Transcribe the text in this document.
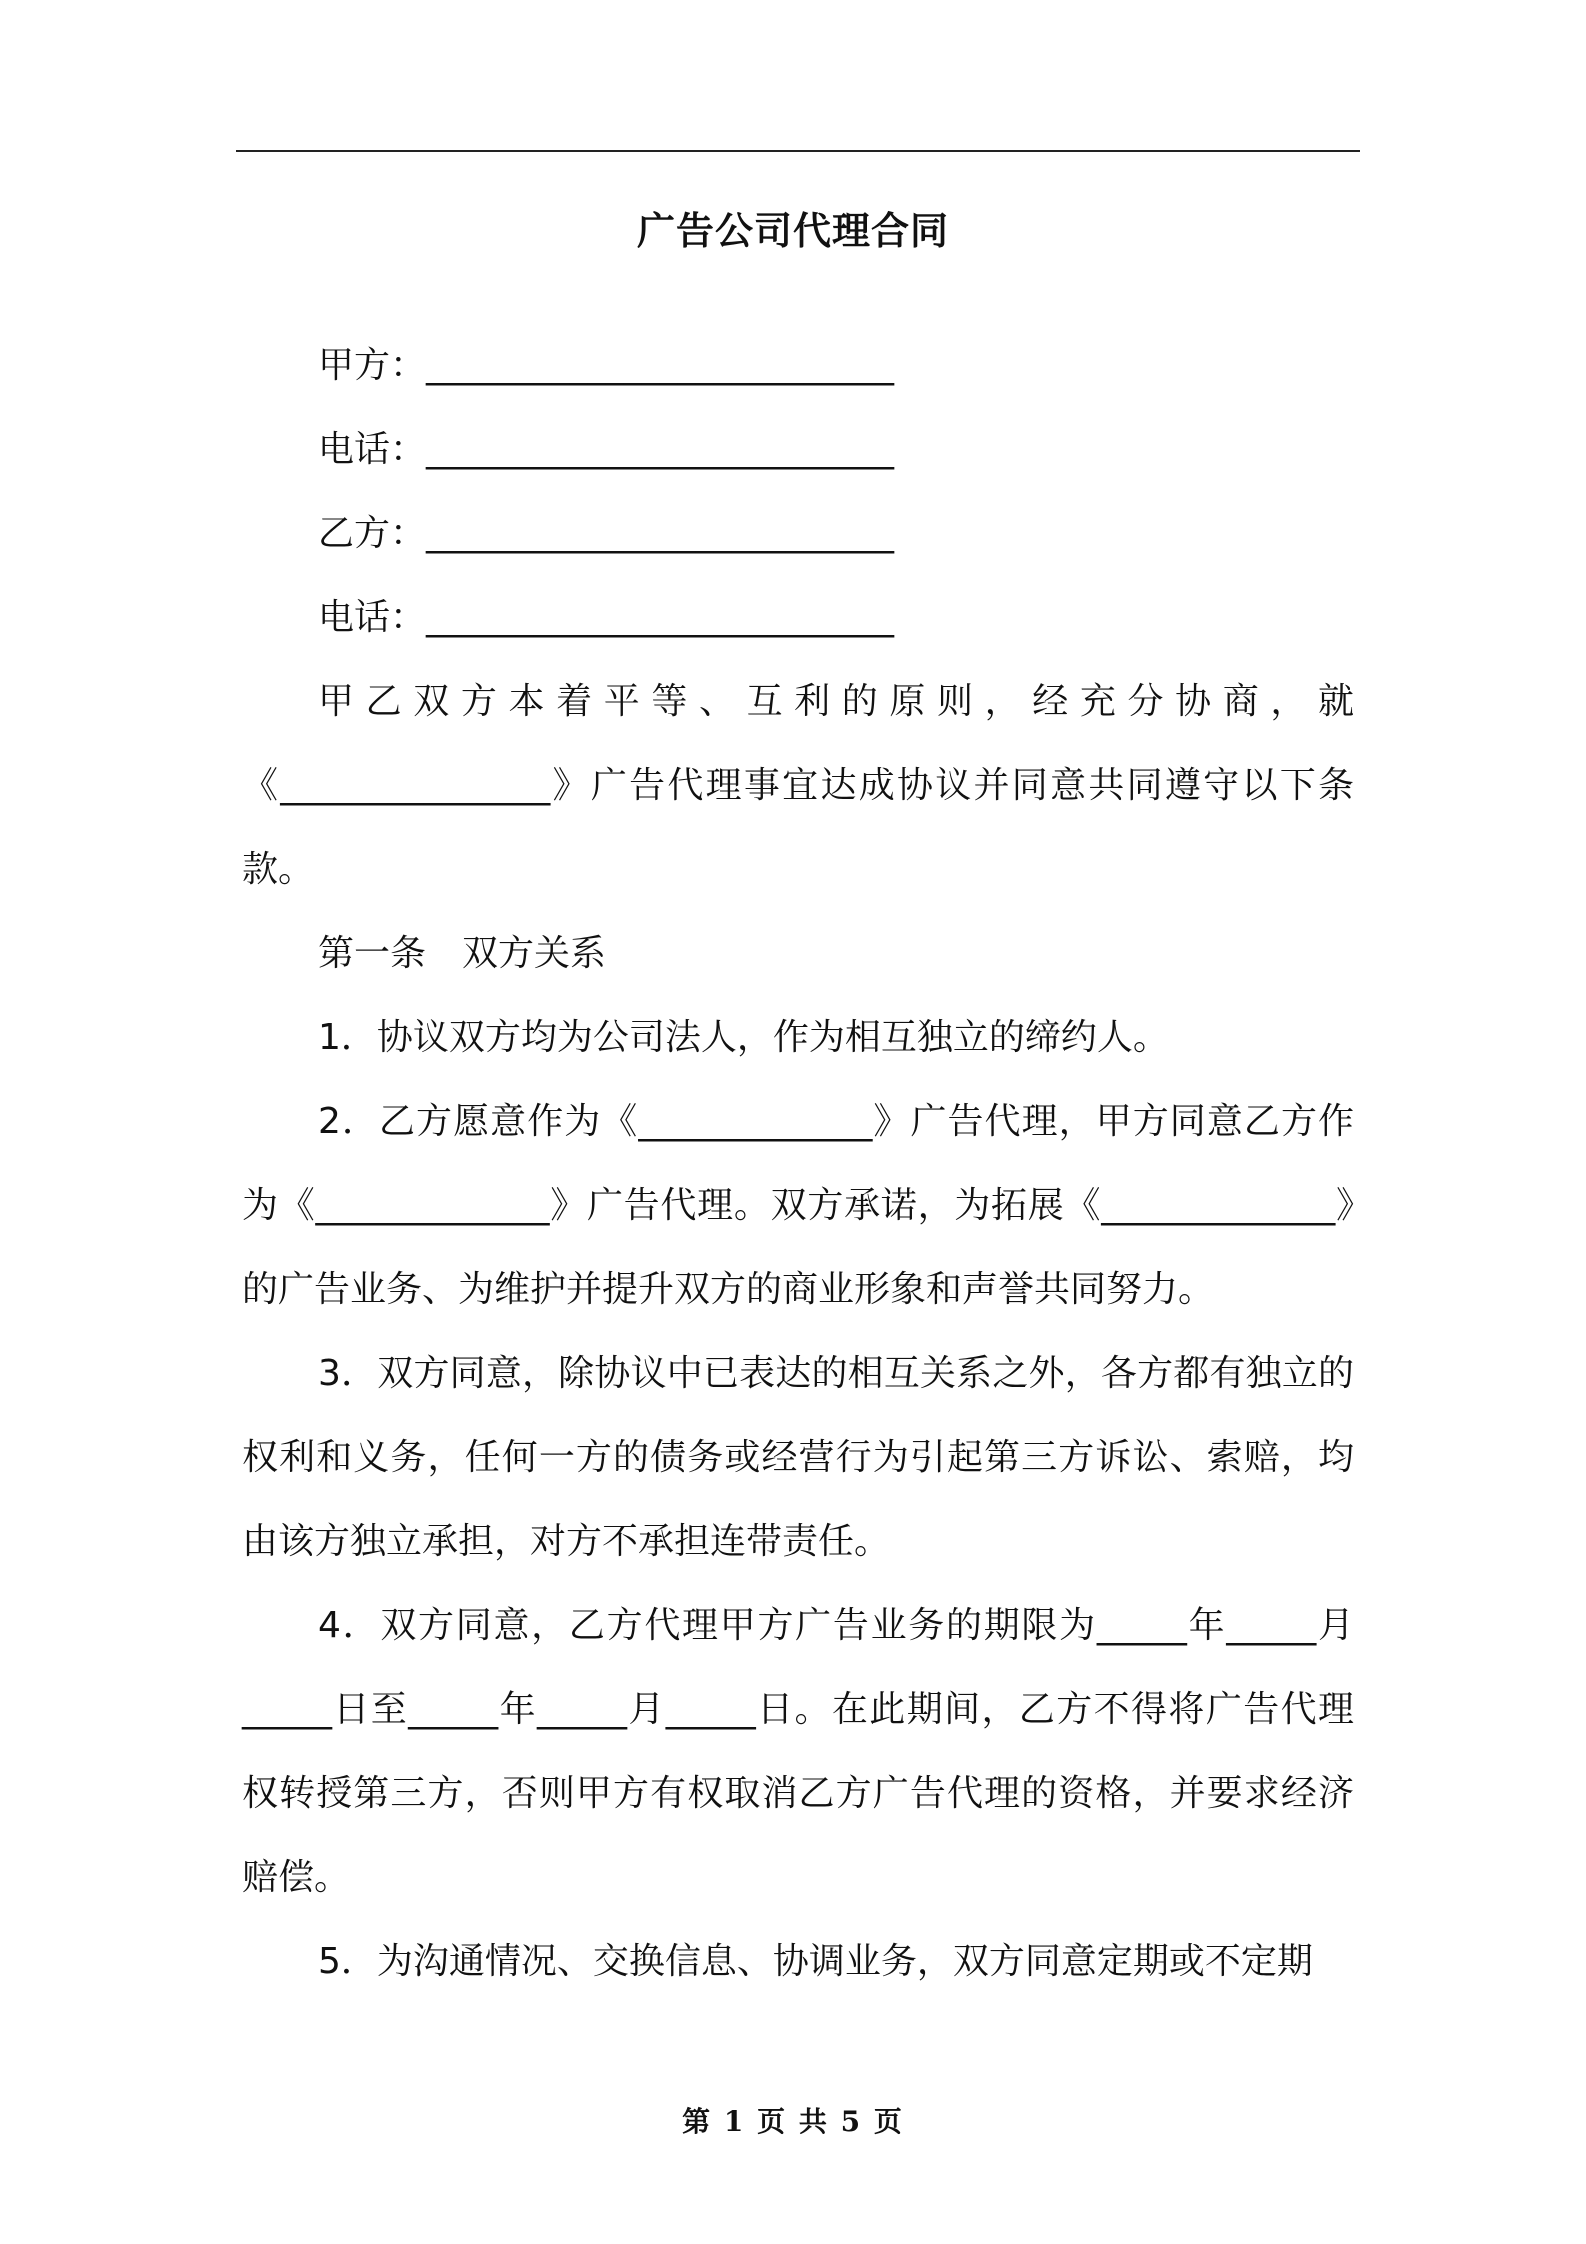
广告公司代理合同
甲方：__________________________
电话：__________________________
乙方：__________________________
电话：__________________________

甲乙双方本着平等、互利的原则，经充分协商，就《_______________》广告代理事宜达成协议并同意共同遵守以下条款。

第一条　双方关系

1．协议双方均为公司法人，作为相互独立的缔约人。

2．乙方愿意作为《_____________》广告代理，甲方同意乙方作为《_____________》广告代理。双方承诺，为拓展《_____________》的广告业务、为维护并提升双方的商业形象和声誉共同努力。

3．双方同意，除协议中已表达的相互关系之外，各方都有独立的权利和义务，任何一方的债务或经营行为引起第三方诉讼、索赔，均由该方独立承担，对方不承担连带责任。

4．双方同意，乙方代理甲方广告业务的期限为_____年_____月_____日至_____年_____月_____日。在此期间，乙方不得将广告代理权转授第三方，否则甲方有权取消乙方广告代理的资格，并要求经济赔偿。

5．为沟通情况、交换信息、协调业务，双方同意定期或不定期

第 1 页 共 5 页
